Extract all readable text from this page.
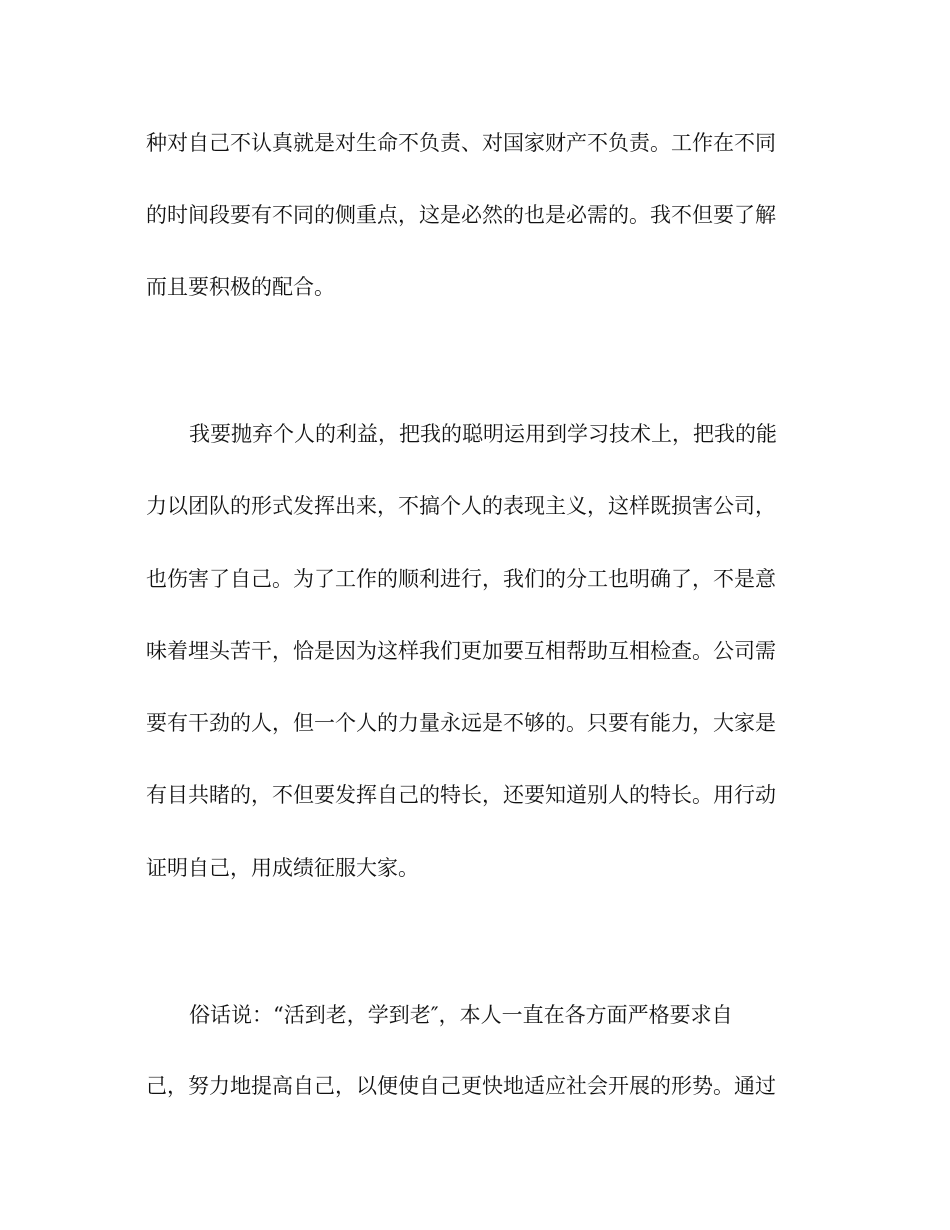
种对自己不认真就是对生命不负责、对国家财产不负责。工作在不同
的时间段要有不同的侧重点，这是必然的也是必需的。我不但要了解
而且要积极的配合。
我要抛弃个人的利益，把我的聪明运用到学习技术上，把我的能
力以团队的形式发挥出来，不搞个人的表现主义，这样既损害公司，
也伤害了自己。为了工作的顺利进行，我们的分工也明确了，不是意
味着埋头苦干，恰是因为这样我们更加要互相帮助互相检查。公司需
要有干劲的人，但一个人的力量永远是不够的。只要有能力，大家是
有目共睹的，不但要发挥自己的特长，还要知道别人的特长。用行动
证明自己，用成绩征服大家。
俗话说：“活到老，学到老″，本人一直在各方面严格要求自
己，努力地提高自己，以便使自己更快地适应社会开展的形势。通过
